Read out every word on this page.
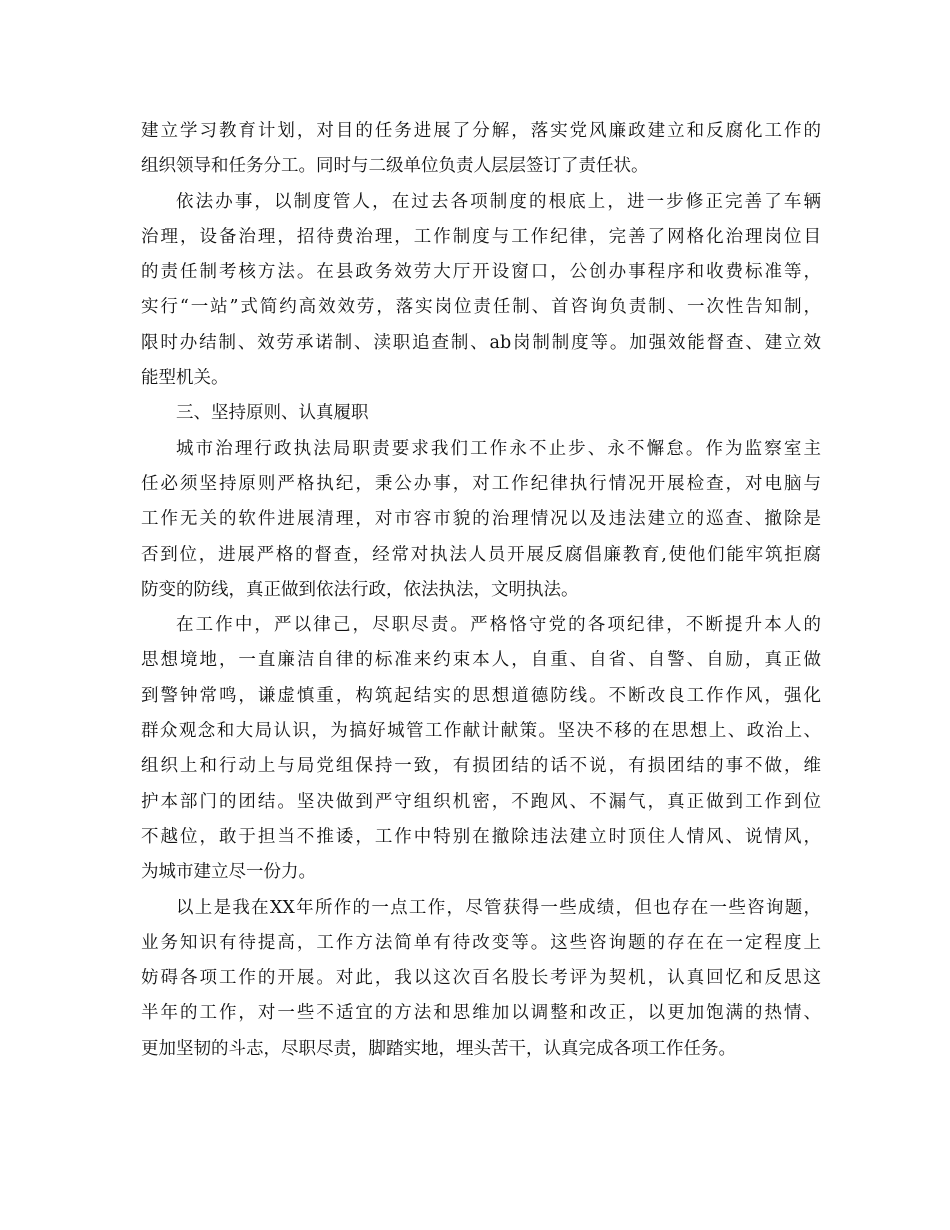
建立学习教育计划，对目的任务进展了分解，落实党风廉政建立和反腐化工作的
组织领导和任务分工。同时与二级单位负责人层层签订了责任状。
依法办事，以制度管人，在过去各项制度的根底上，进一步修正完善了车辆
治理，设备治理，招待费治理，工作制度与工作纪律，完善了网格化治理岗位目
的责任制考核方法。在县政务效劳大厅开设窗口，公创办事程序和收费标准等，
实行“一站”式简约高效效劳，落实岗位责任制、首咨询负责制、一次性告知制，
限时办结制、效劳承诺制、渎职追查制、ab岗制制度等。加强效能督查、建立效
能型机关。
三、坚持原则、认真履职
城市治理行政执法局职责要求我们工作永不止步、永不懈怠。作为监察室主
任必须坚持原则严格执纪，秉公办事，对工作纪律执行情况开展检查，对电脑与
工作无关的软件进展清理，对市容市貌的治理情况以及违法建立的巡查、撤除是
否到位，进展严格的督查，经常对执法人员开展反腐倡廉教育,使他们能牢筑拒腐
防变的防线，真正做到依法行政，依法执法，文明执法。
在工作中，严以律己，尽职尽责。严格恪守党的各项纪律，不断提升本人的
思想境地，一直廉洁自律的标准来约束本人，自重、自省、自警、自励，真正做
到警钟常鸣，谦虚慎重，构筑起结实的思想道德防线。不断改良工作作风，强化
群众观念和大局认识，为搞好城管工作献计献策。坚决不移的在思想上、政治上、
组织上和行动上与局党组保持一致，有损团结的话不说，有损团结的事不做，维
护本部门的团结。坚决做到严守组织机密，不跑风、不漏气，真正做到工作到位
不越位，敢于担当不推诿，工作中特别在撤除违法建立时顶住人情风、说情风，
为城市建立尽一份力。
以上是我在XX年所作的一点工作，尽管获得一些成绩，但也存在一些咨询题，
业务知识有待提高，工作方法简单有待改变等。这些咨询题的存在在一定程度上
妨碍各项工作的开展。对此，我以这次百名股长考评为契机，认真回忆和反思这
半年的工作，对一些不适宜的方法和思维加以调整和改正，以更加饱满的热情、
更加坚韧的斗志，尽职尽责，脚踏实地，埋头苦干，认真完成各项工作任务。
